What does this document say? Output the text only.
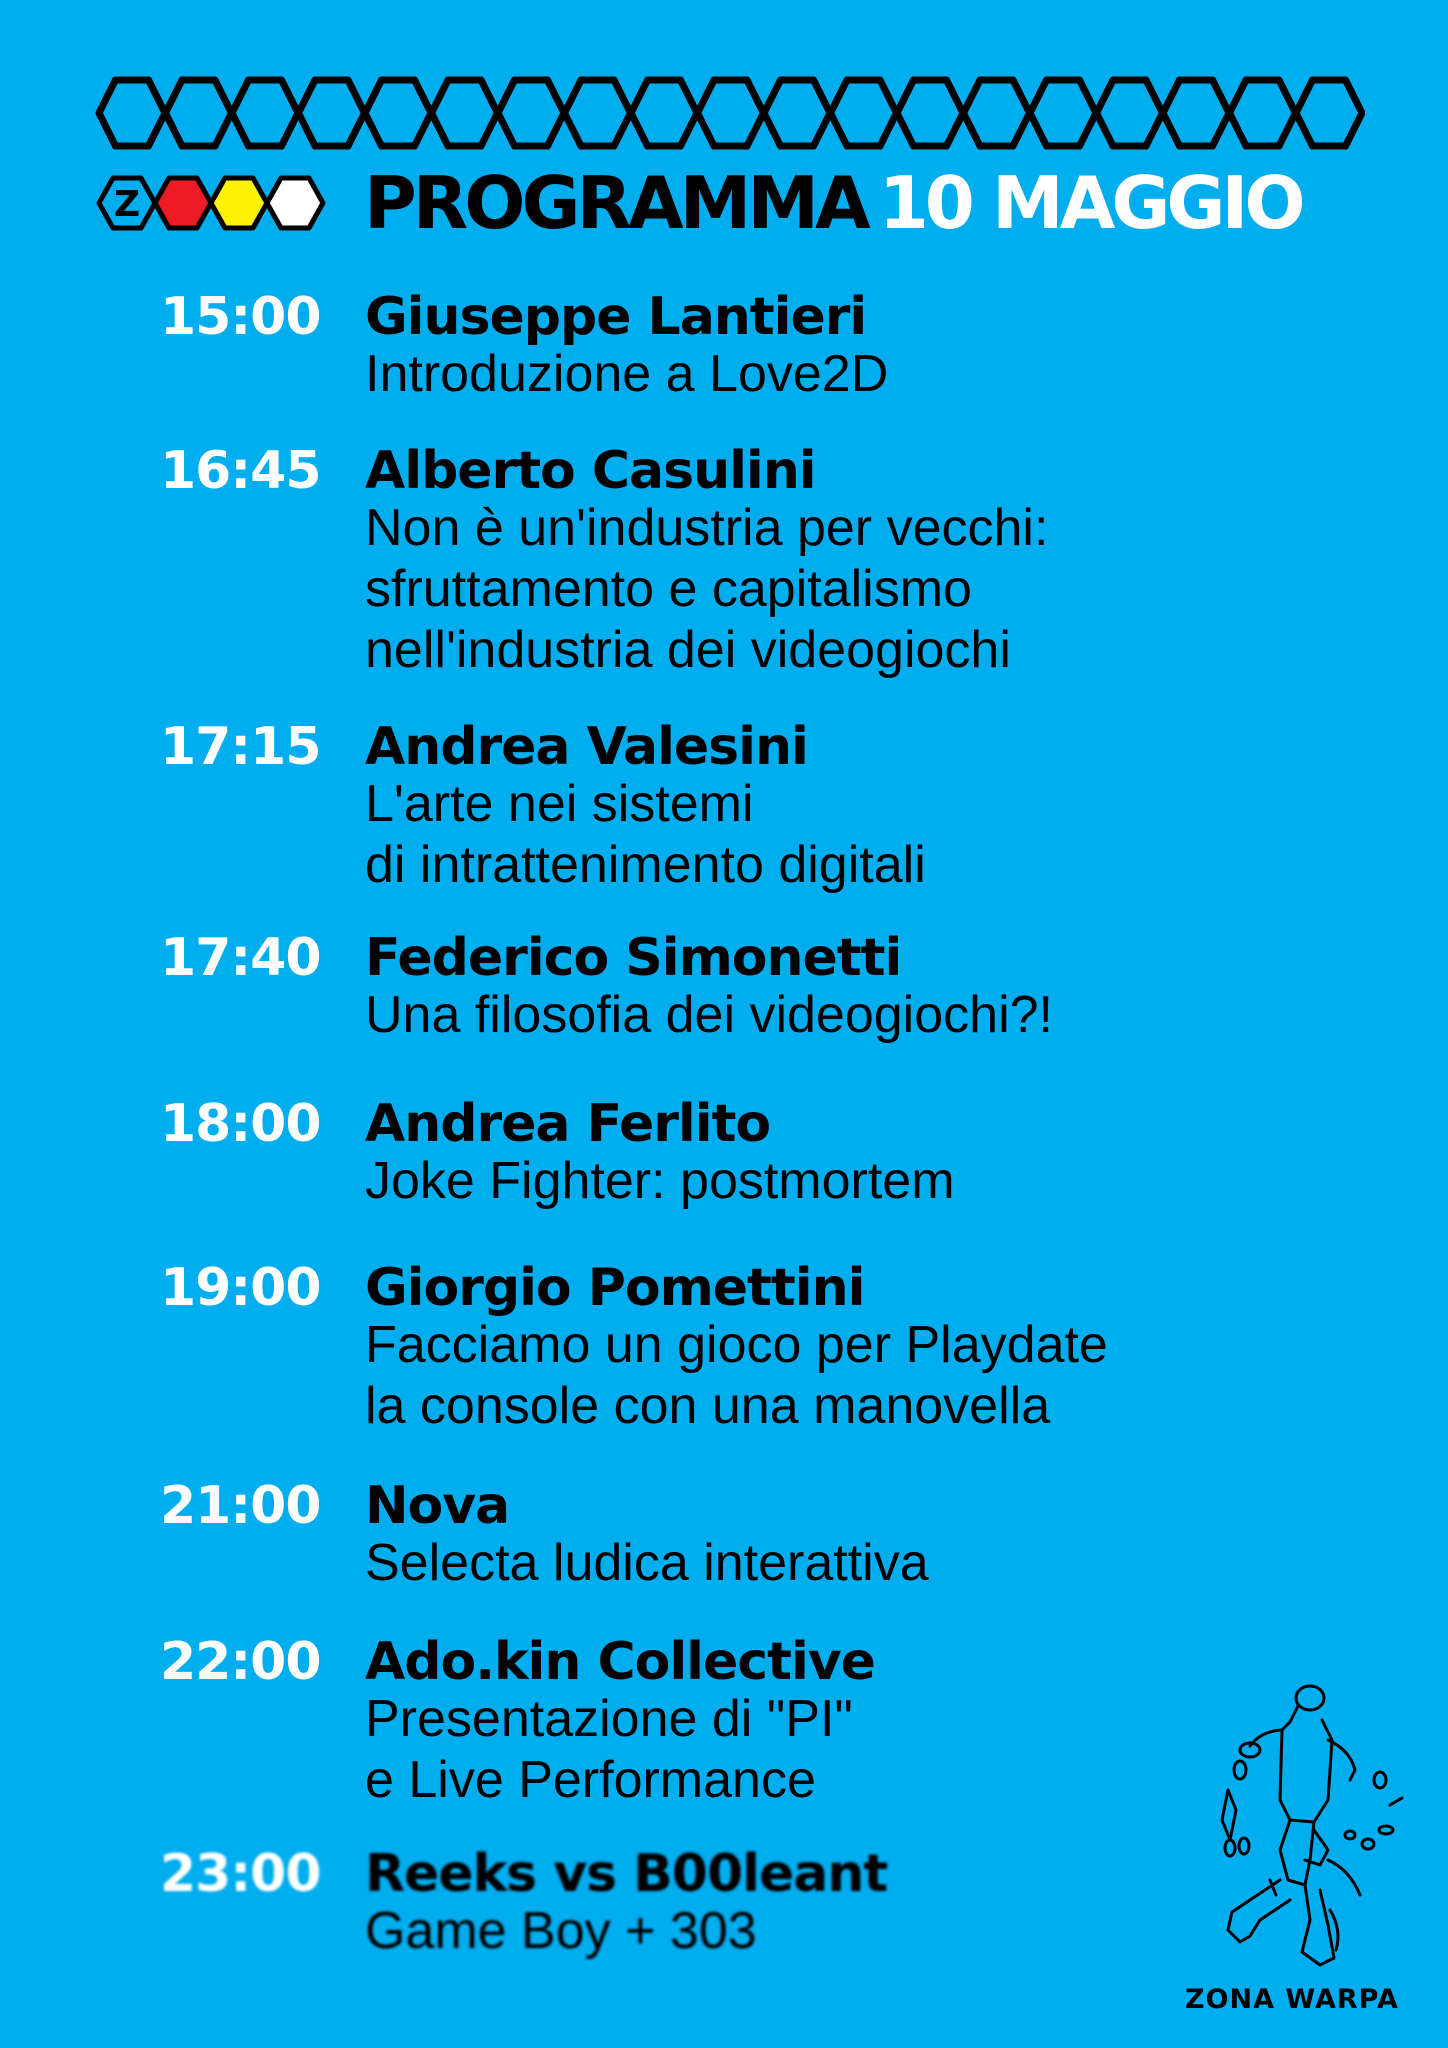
Z	PROGRAMMA 10 MAGGIO
15:00 Giuseppe Lantieri
Introduzione a Love2D
16:45 Alberto Casulini
Non è un'industria per vecchi:
sfruttamento e capitalismo
nell'industria dei videogiochi
17:15 Andrea Valesini
L'arte nei sistemi
di intrattenimento digitali
17:40 Federico Simonetti
Una filosofia dei videogiochi?!
18:00 Andrea Ferlito
Joke Fighter: postmortem
19:00 Giorgio Pomettini
Facciamo un gioco per Playdate
la console con una manovella
21:00 Nova
Selecta ludica interattiva
22:00 Ado.kin Collective
Presentazione di "PI"
e Live Performance
23:00 Reeks vs B00leant
Game Boy + 303
ZONA WARPA
